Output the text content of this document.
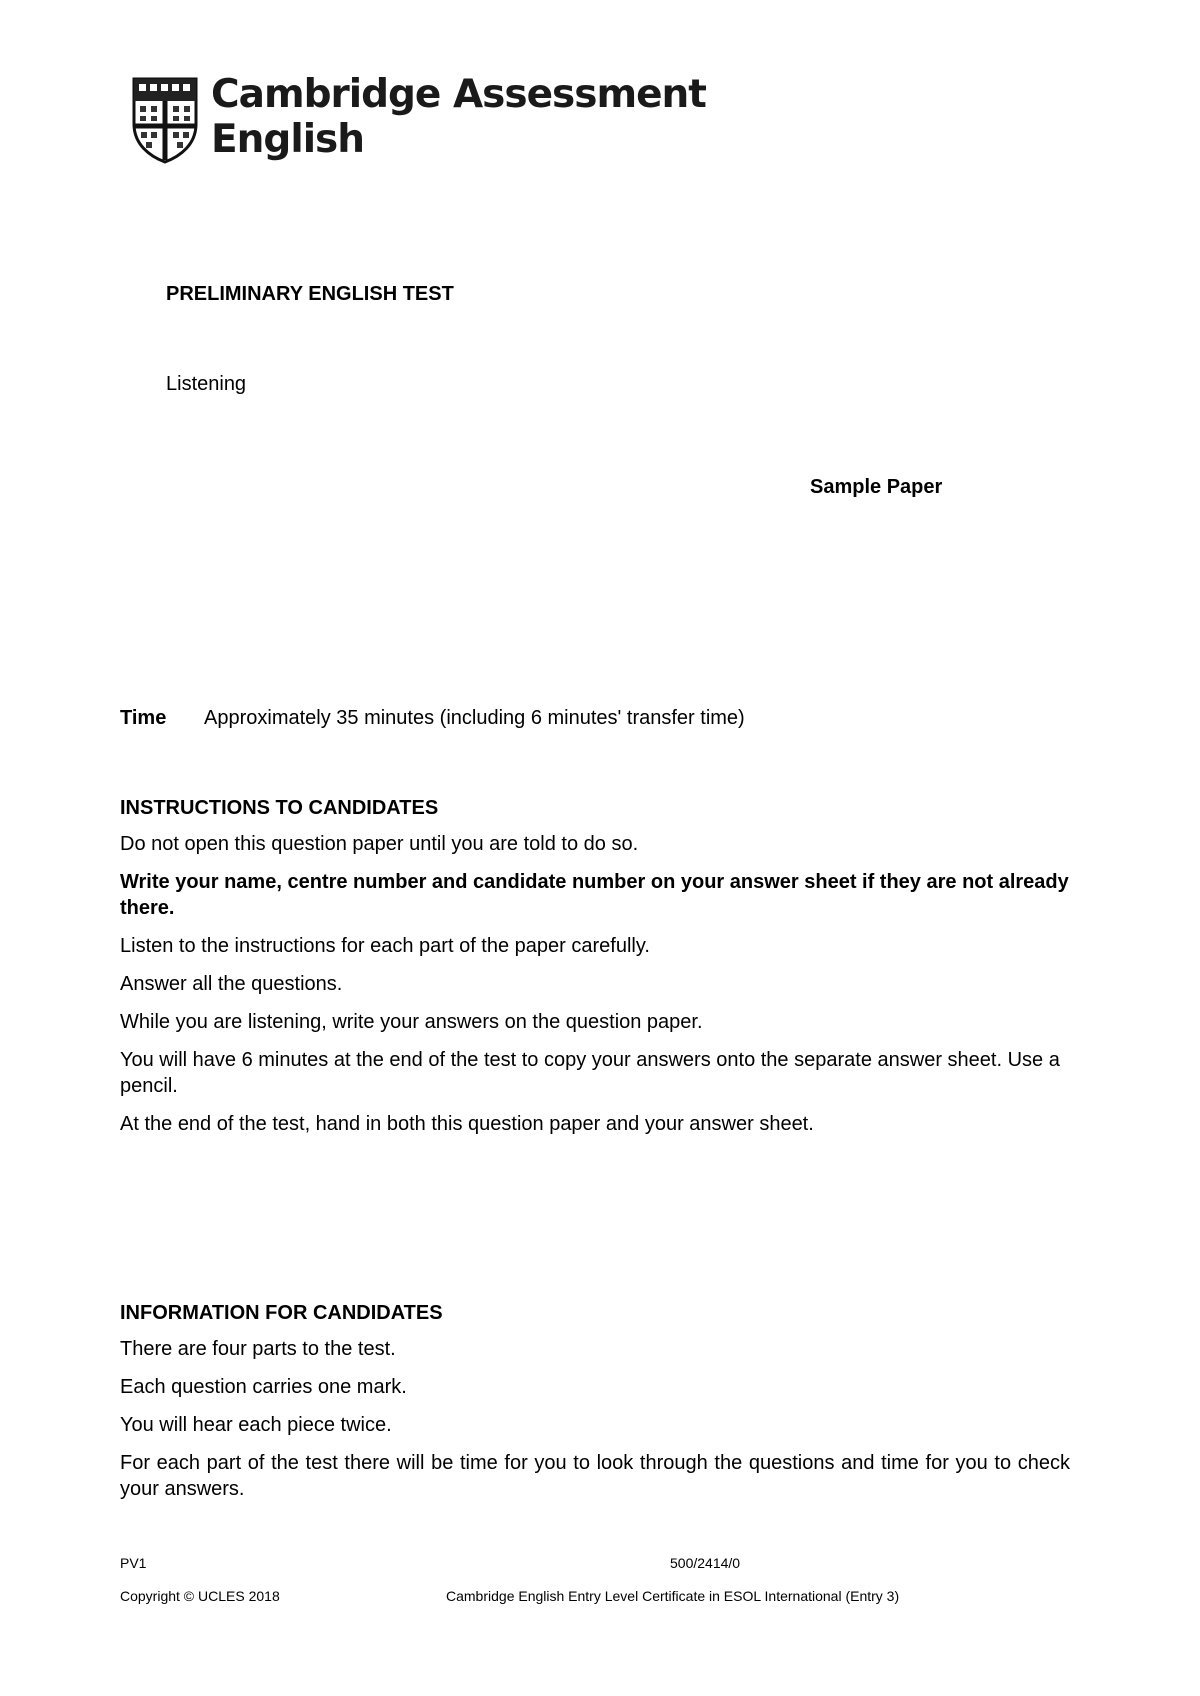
Cambridge Assessment
English
PRELIMINARY ENGLISH TEST
Listening
Sample Paper
Time Approximately 35 minutes (including 6 minutes' transfer time)
INSTRUCTIONS TO CANDIDATES

Do not open this question paper until you are told to do so.

Write your name, centre number and candidate number on your answer sheet if they are not already there.

Listen to the instructions for each part of the paper carefully.

Answer all the questions.

While you are listening, write your answers on the question paper.

You will have 6 minutes at the end of the test to copy your answers onto the separate answer sheet. Use a pencil.

At the end of the test, hand in both this question paper and your answer sheet.

INFORMATION FOR CANDIDATES

There are four parts to the test.

Each question carries one mark.

You will hear each piece twice.

For each part of the test there will be time for you to look through the questions and time for you to check your answers.

PV1	500/2414/0
Copyright © UCLES 2018	Cambridge English Entry Level Certificate in ESOL International (Entry 3)
